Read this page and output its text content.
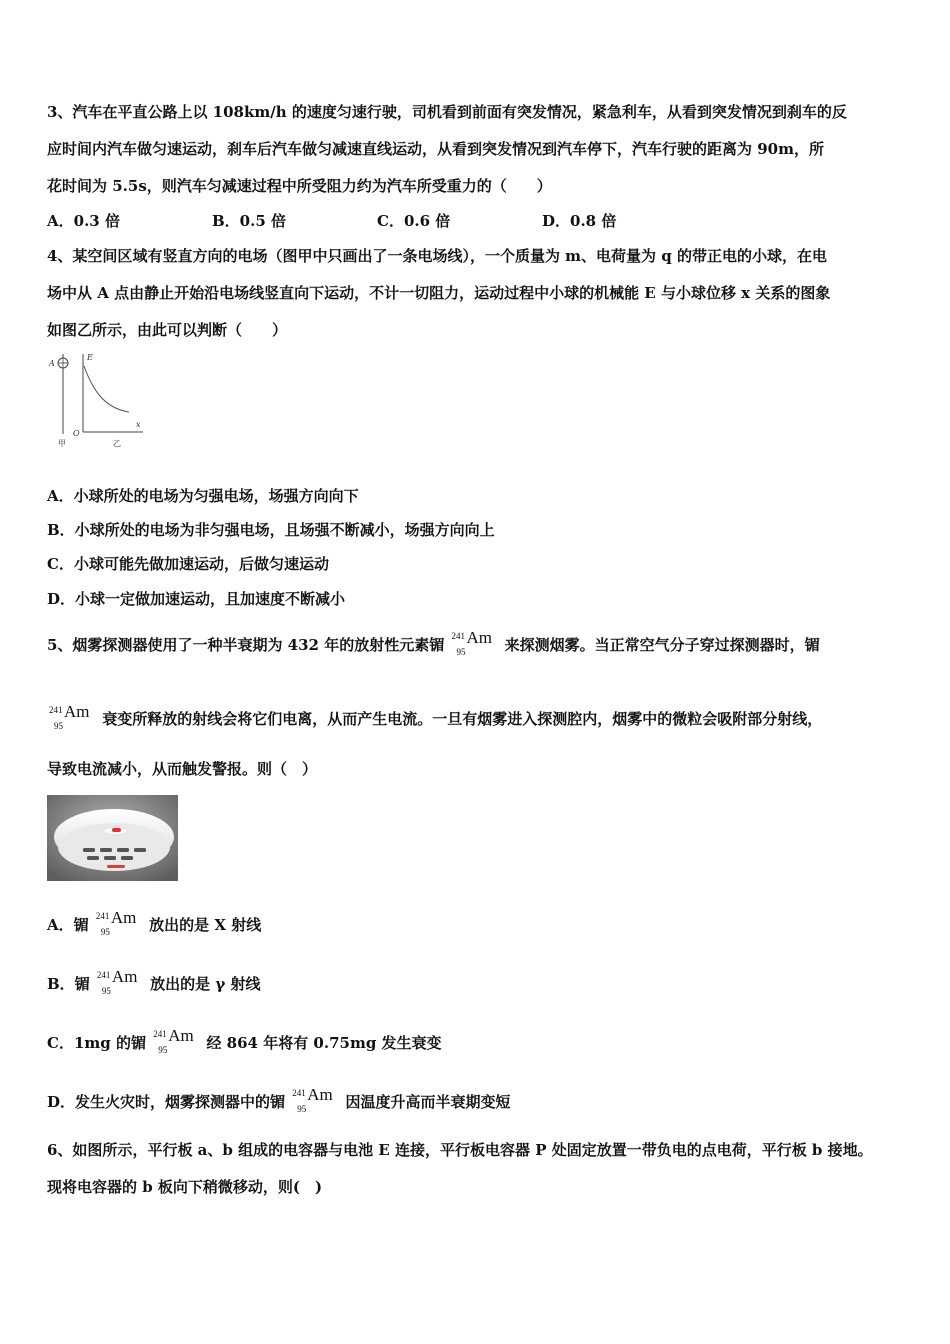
3、汽车在平直公路上以 108km/h 的速度匀速行驶，司机看到前面有突发情况，紧急利车，从看到突发情况到刹车的反
应时间内汽车做匀速运动，刹车后汽车做匀减速直线运动，从看到突发情况到汽车停下，汽车行驶的距离为 90m，所
花时间为 5.5s，则汽车匀减速过程中所受阻力约为汽车所受重力的（　　）
A．0.3 倍	B．0.5 倍	C．0.6 倍	D．0.8 倍
4、某空间区域有竖直方向的电场（图甲中只画出了一条电场线），一个质量为 m、电荷量为 q 的带正电的小球，在电
场中从 A 点由静止开始沿电场线竖直向下运动，不计一切阻力，运动过程中小球的机械能 E 与小球位移 x 关系的图象
如图乙所示，由此可以判断（　　）
A
甲
E
O
x
乙
A．小球所处的电场为匀强电场，场强方向向下
B．小球所处的电场为非匀强电场，且场强不断减小，场强方向向上
C．小球可能先做加速运动，后做匀速运动
D．小球一定做加速运动，且加速度不断减小
5、烟雾探测器使用了一种半衰期为 432 年的放射性元素镅 241
95
Am 来探测烟雾。当正常空气分子穿过探测器时，镅
241
95
Am 衰变所释放的射线会将它们电离，从而产生电流。一旦有烟雾进入探测腔内，烟雾中的微粒会吸附部分射线，
导致电流减小，从而触发警报。则（　）
A．镅 241
95
Am 放出的是 X 射线
B．镅 241
95
Am 放出的是 γ 射线
C．1mg 的镅 241
95
Am 经 864 年将有 0.75mg 发生衰变
D．发生火灾时，烟雾探测器中的镅 241
95
Am 因温度升高而半衰期变短
6、如图所示，平行板 a、b 组成的电容器与电池 E 连接，平行板电容器 P 处固定放置一带负电的点电荷，平行板 b 接地。
现将电容器的 b 板向下稍微移动，则(　)
